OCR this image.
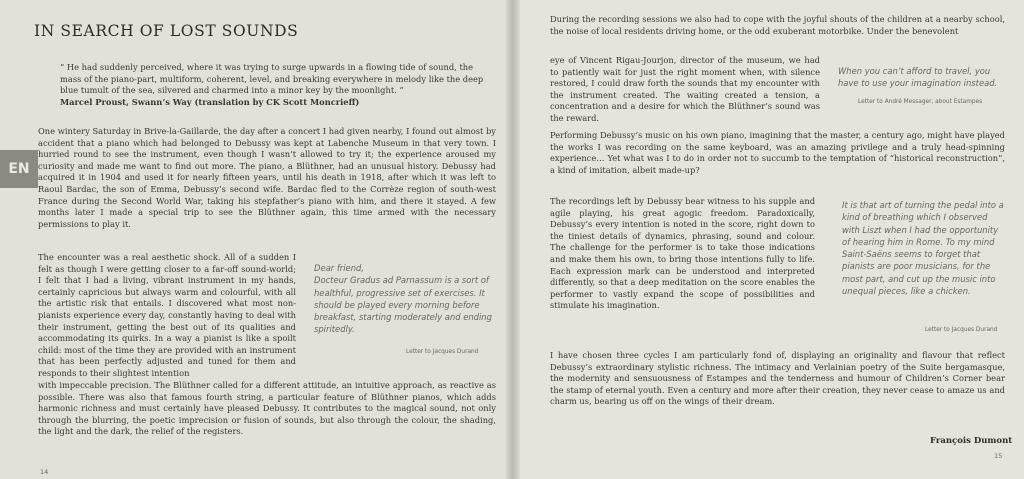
IN SEARCH OF LOST SOUNDS
“ He had suddenly perceived, where it was trying to surge upwards in a flowing tide of sound, the mass of the piano-part, multiform, coherent, level, and breaking everywhere in melody like the deep blue tumult of the sea, silvered and charmed into a minor key by the moonlight. ”
Marcel Proust, Swann’s Way (translation by CK Scott Moncrieff)
EN

One wintery Saturday in Brive-la-Gaillarde, the day after a concert I had given nearby, I found out almost by accident that a piano which had belonged to Debussy was kept at Labenche Museum in that very town. I hurried round to see the instrument, even though I wasn’t allowed to try it; the experience aroused my curiosity and made me want to find out more. The piano, a Blüthner, had an unusual history. Debussy had acquired it in 1904 and used it for nearly fifteen years, until his death in 1918, after which it was left to Raoul Bardac, the son of Emma, Debussy’s second wife. Bardac fled to the Corrèze region of south-west France during the Second World War, taking his stepfather’s piano with him, and there it stayed. A few months later I made a special trip to see the Blüthner again, this time armed with the necessary permissions to play it.

The encounter was a real aesthetic shock. All of a sudden I felt as though I were getting closer to a far-off sound-world; I felt that I had a living, vibrant instrument in my hands, certainly capricious but always warm and colourful, with all the artistic risk that entails. I discovered what most non-pianists experience every day, constantly having to deal with their instrument, getting the best out of its qualities and accommodating its quirks. In a way a pianist is like a spoilt child: most of the time they are provided with an instrument that has been perfectly adjusted and tuned for them and responds to their slightest intention

with impeccable precision. The Blüthner called for a different attitude, an intuitive approach, as reactive as possible. There was also that famous fourth string, a particular feature of Blüthner pianos, which adds harmonic richness and must certainly have pleased Debussy. It contributes to the magical sound, not only through the blurring, the poetic imprecision or fusion of sounds, but also through the colour, the shading, the light and the dark, the relief of the registers.

Dear friend,
Docteur Gradus ad Parnassum is a sort of healthful, progressive set of exercises. It should be played every morning before breakfast, starting moderately and ending spiritedly.
Letter to Jacques Durand
14

During the recording sessions we also had to cope with the joyful shouts of the children at a nearby school, the noise of local residents driving home, or the odd exuberant motorbike. Under the benevolent

eye of Vincent Rigau-Jourjon, director of the museum, we had to patiently wait for just the right moment when, with silence restored, I could draw forth the sounds that my encounter with the instrument created. The waiting created a tension, a concentration and a desire for which the Blüthner’s sound was the reward.

When you can’t afford to travel, you have to use your imagination instead.
Letter to André Messager, about Estampes

Performing Debussy’s music on his own piano, imagining that the master, a century ago, might have played the works I was recording on the same keyboard, was an amazing privilege and a truly head-spinning experience… Yet what was I to do in order not to succumb to the temptation of “historical reconstruction”, a kind of imitation, albeit made-up?

The recordings left by Debussy bear witness to his supple and agile playing, his great agogic freedom. Paradoxically, Debussy’s every intention is noted in the score, right down to the tiniest details of dynamics, phrasing, sound and colour. The challenge for the performer is to take those indications and make them his own, to bring those intentions fully to life. Each expression mark can be understood and interpreted differently, so that a deep meditation on the score enables the performer to vastly expand the scope of possibilities and stimulate his imagination.

It is that art of turning the pedal into a kind of breathing which I observed with Liszt when I had the opportunity of hearing him in Rome. To my mind Saint-Saëns seems to forget that pianists are poor musicians, for the most part, and cut up the music into unequal pieces, like a chicken.
Letter to Jacques Durand

I have chosen three cycles I am particularly fond of, displaying an originality and flavour that reflect Debussy’s extraordinary stylistic richness. The intimacy and Verlainian poetry of the Suite bergamasque, the modernity and sensuousness of Estampes and the tenderness and humour of Children’s Corner bear the stamp of eternal youth. Even a century and more after their creation, they never cease to amaze us and charm us, bearing us off on the wings of their dream.

François Dumont
15
